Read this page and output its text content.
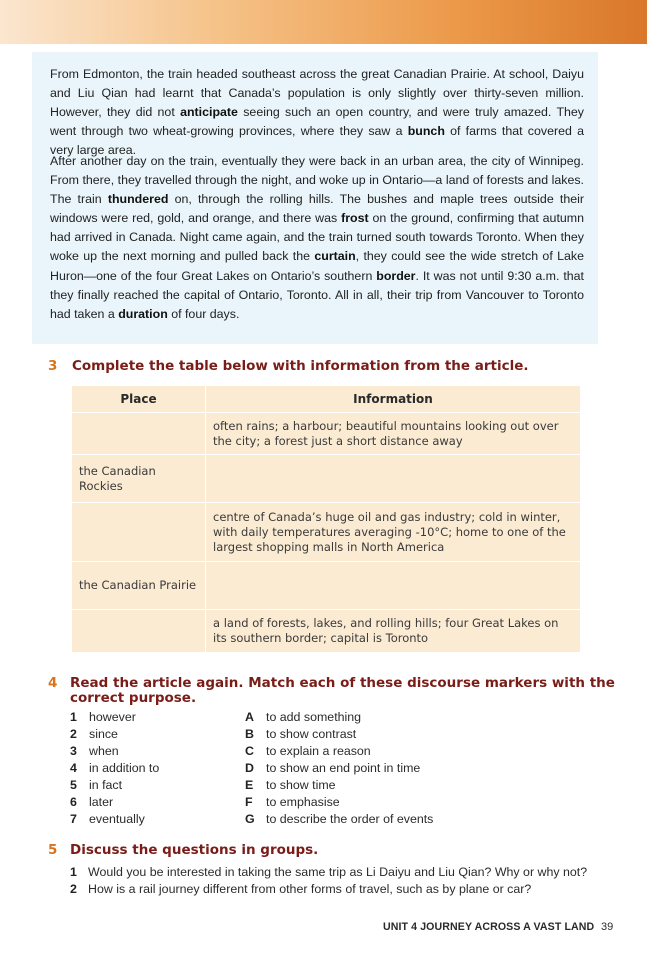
From Edmonton, the train headed southeast across the great Canadian Prairie. At school, Daiyu and Liu Qian had learnt that Canada’s population is only slightly over thirty-seven million. However, they did not anticipate seeing such an open country, and were truly amazed. They went through two wheat-growing provinces, where they saw a bunch of farms that covered a very large area.

After another day on the train, eventually they were back in an urban area, the city of Winnipeg. From there, they travelled through the night, and woke up in Ontario—a land of forests and lakes. The train thundered on, through the rolling hills. The bushes and maple trees outside their windows were red, gold, and orange, and there was frost on the ground, confirming that autumn had arrived in Canada. Night came again, and the train turned south towards Toronto. When they woke up the next morning and pulled back the curtain, they could see the wide stretch of Lake Huron—one of the four Great Lakes on Ontario’s southern border. It was not until 9:30 a.m. that they finally reached the capital of Ontario, Toronto. All in all, their trip from Vancouver to Toronto had taken a duration of four days.

3 Complete the table below with information from the article.
Place	Information
	often rains; a harbour; beautiful mountains looking out over the city; a forest just a short distance away
the Canadian Rockies	
	centre of Canada’s huge oil and gas industry; cold in winter, with daily temperatures averaging -10°C; home to one of the largest shopping malls in North America
the Canadian Prairie	
	a land of forests, lakes, and rolling hills; four Great Lakes on its southern border; capital is Toronto
4 Read the article again. Match each of these discourse markers with the
correct purpose.
1 however
2 since
3 when
4 in addition to
5 in fact
6 later
7 eventually
A to add something
B to show contrast
C to explain a reason
D to show an end point in time
E to show time
F to emphasise
G to describe the order of events
5 Discuss the questions in groups.
1 Would you be interested in taking the same trip as Li Daiyu and Liu Qian? Why or why not?
2 How is a rail journey different from other forms of travel, such as by plane or car?
UNIT 4 JOURNEY ACROSS A VAST LAND 39
